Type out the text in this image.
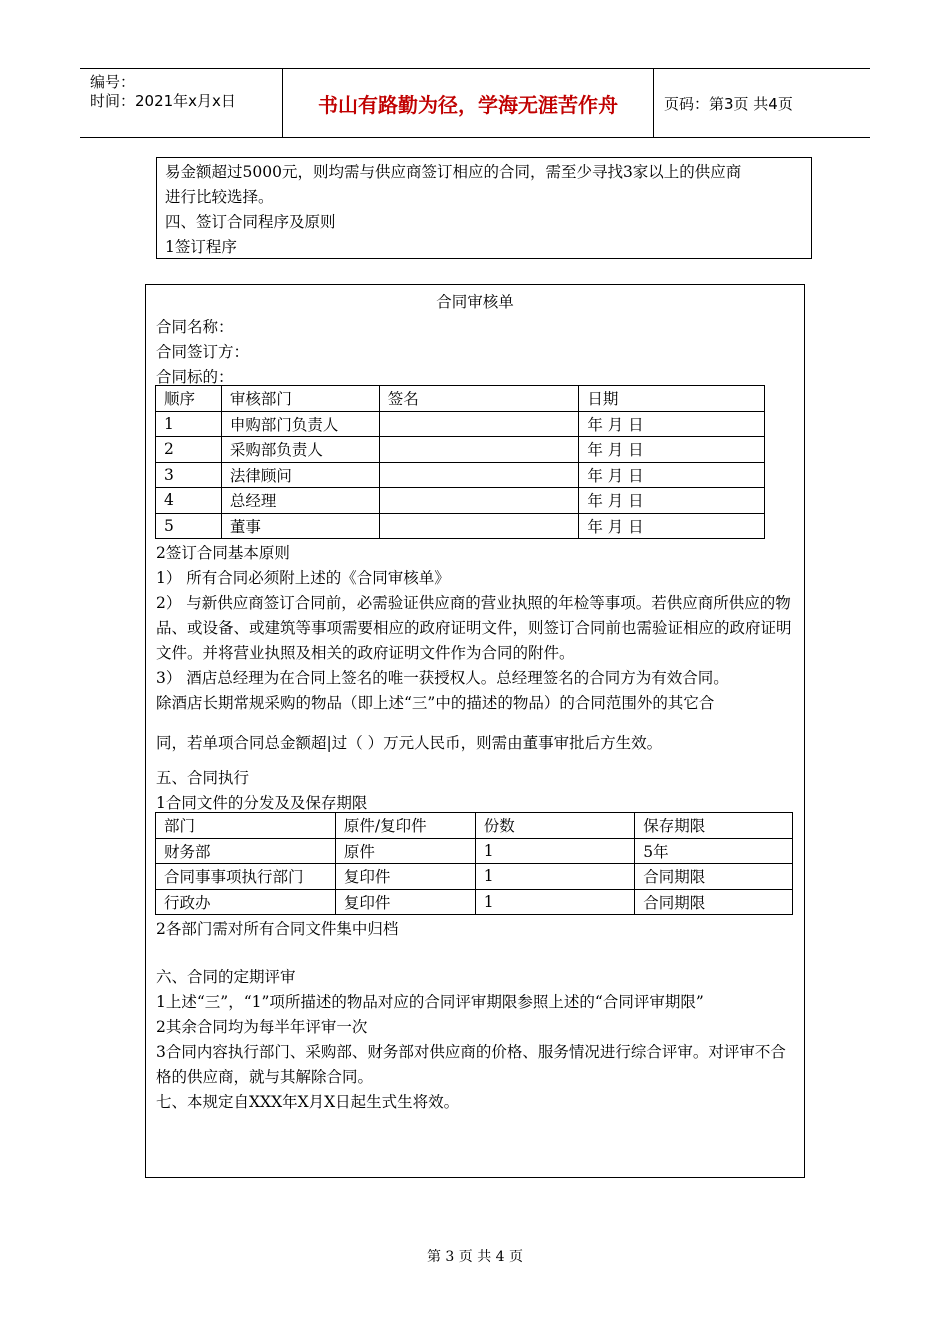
编号：
时间：2021年x月x日	书山有路勤为径，学海无涯苦作舟	页码：第3页 共4页

易金额超过5000元，则均需与供应商签订相应的合同，需至少寻找3家以上的供应商

进行比较选择。

四、签订合同程序及原则

1签订程序

合同审核单
合同名称：
合同签订方：
合同标的：
顺序	审核部门	签名	日期
1	申购部门负责人		年 月 日
2	采购部负责人		年 月 日
3	法律顾问		年 月 日
4	总经理		年 月 日
5	董事		年 月 日

2签订合同基本原则

1） 所有合同必须附上述的《合同审核单》

2） 与新供应商签订合同前，必需验证供应商的营业执照的年检等事项。若供应商所供应的物品、或设备、或建筑等事项需要相应的政府证明文件，则签订合同前也需验证相应的政府证明文件。并将营业执照及相关的政府证明文件作为合同的附件。

3） 酒店总经理为在合同上签名的唯一获授权人。总经理签名的合同方为有效合同。

除酒店长期常规采购的物品（即上述“三”中的描述的物品）的合同范围外的其它合

同，若单项合同总金额超|过（ ）万元人民币，则需由董事审批后方生效。
五、合同执行
1合同文件的分发及及保存期限
部门	原件/复印件	份数	保存期限
财务部	原件	1	5年
合同事事项执行部门	复印件	1	合同期限
行政办	复印件	1	合同期限
2各部门需对所有合同文件集中归档

六、合同的定期评审

1上述“三”，“1”项所描述的物品对应的合同评审期限参照上述的“合同评审期限”

2其余合同均为每半年评审一次

3合同内容执行部门、采购部、财务部对供应商的价格、服务情况进行综合评审。对评审不合格的供应商，就与其解除合同。

七、本规定自XXX年X月X日起生式生将效。

第 3 页 共 4 页
